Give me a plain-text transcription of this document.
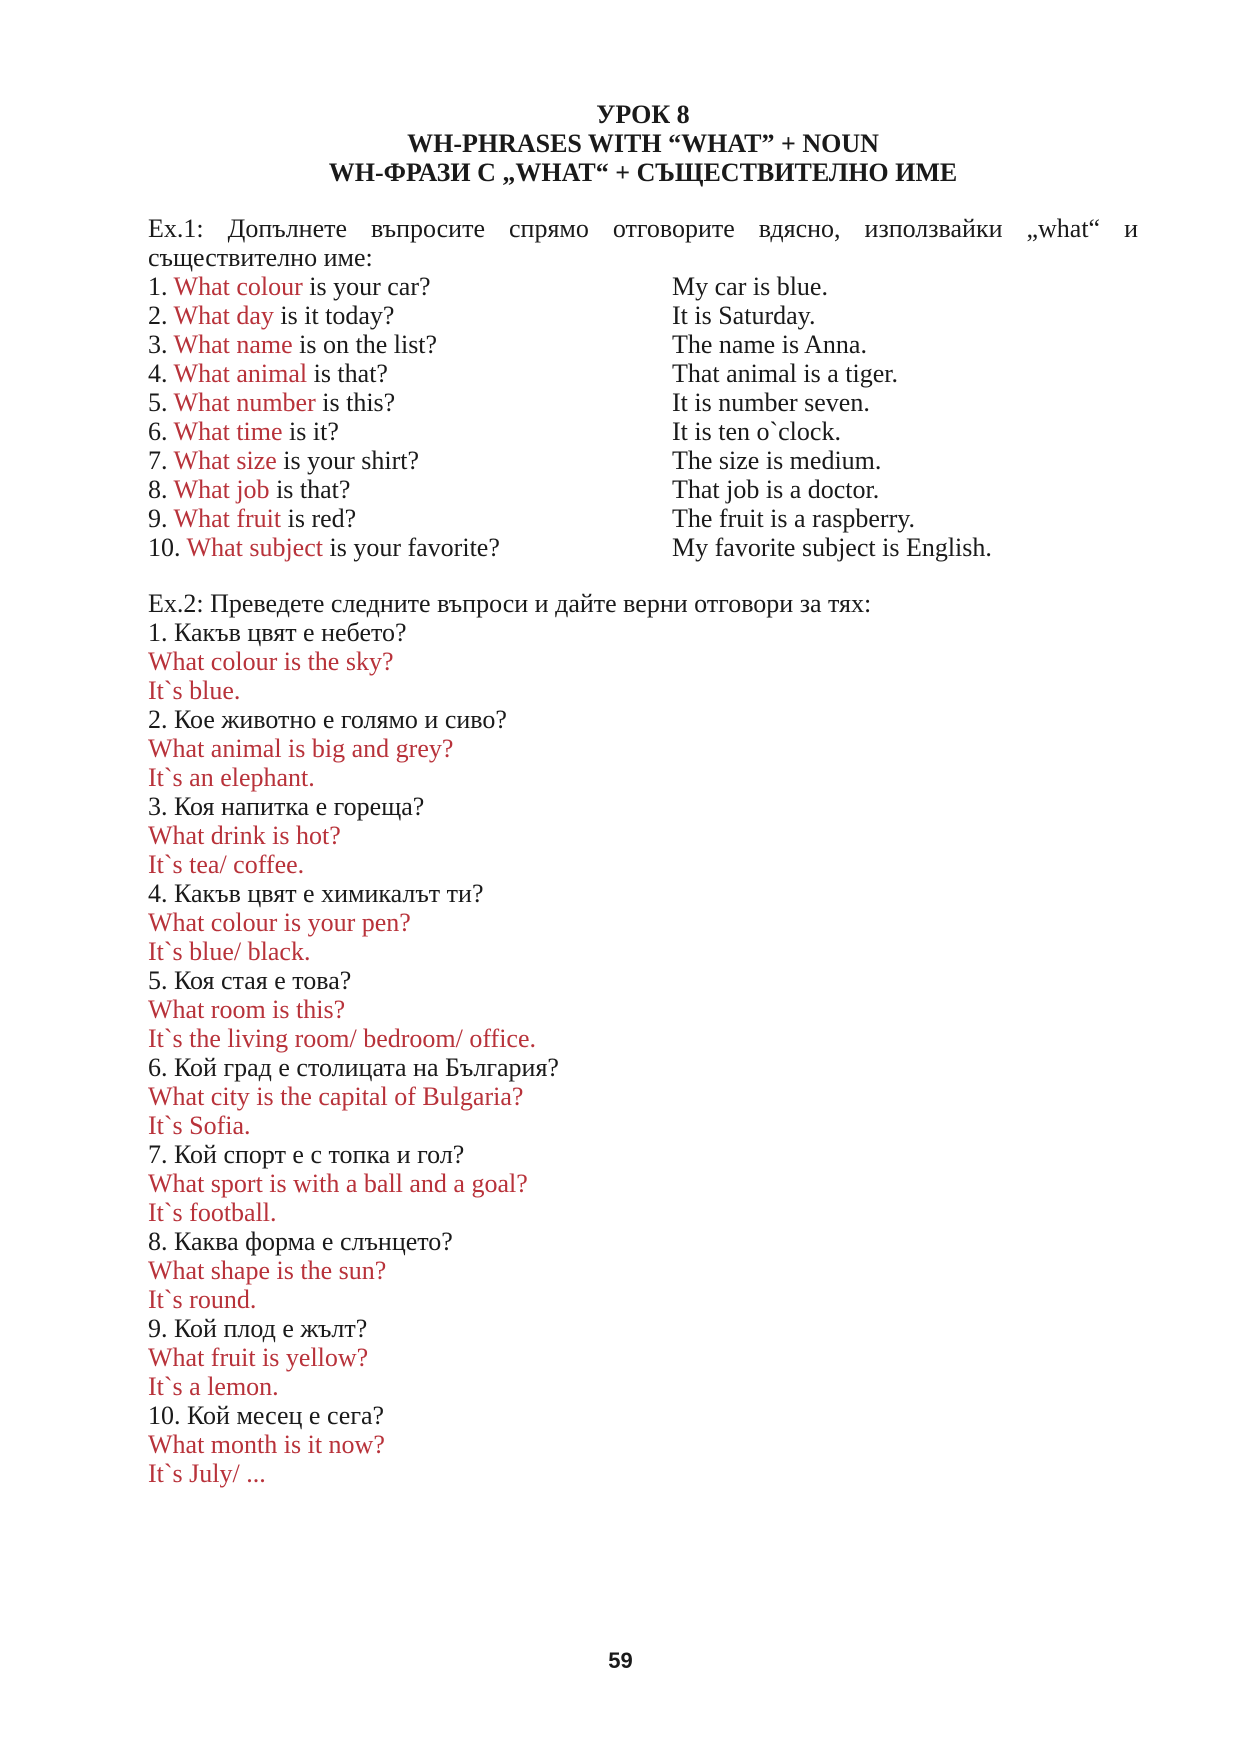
УРОК 8
WH-PHRASES WITH “WHAT” + NOUN
WH-ФРАЗИ С „WHAT“ + СЪЩЕСТВИТЕЛНО ИМЕ
Ex.1: Допълнете въпросите спрямо отговорите вдясно, използвайки „what“ и съществително име:
1. What colour is your car?	My car is blue.
2. What day is it today?	It is Saturday.
3. What name is on the list?	The name is Anna.
4. What animal is that?	That animal is a tiger.
5. What number is this?	It is number seven.
6. What time is it?	It is ten o`clock.
7. What size is your shirt?	The size is medium.
8. What job is that?	That job is a doctor.
9. What fruit is red?	The fruit is a raspberry.
10. What subject is your favorite?	My favorite subject is English.
Ex.2: Преведете следните въпроси и дайте верни отговори за тях:
1. Какъв цвят е небето?
What colour is the sky?
It`s blue.
2. Кое животно е голямо и сиво?
What animal is big and grey?
It`s an elephant.
3. Коя напитка е гореща?
What drink is hot?
It`s tea/ coffee.
4. Какъв цвят е химикалът ти?
What colour is your pen?
It`s blue/ black.
5. Коя стая е това?
What room is this?
It`s the living room/ bedroom/ office.
6. Кой град е столицата на България?
What city is the capital of Bulgaria?
It`s Sofia.
7. Кой спорт е с топка и гол?
What sport is with a ball and a goal?
It`s football.
8. Каква форма е слънцето?
What shape is the sun?
It`s round.
9. Кой плод е жълт?
What fruit is yellow?
It`s a lemon.
10. Кой месец е сега?
What month is it now?
It`s July/ ...
59
